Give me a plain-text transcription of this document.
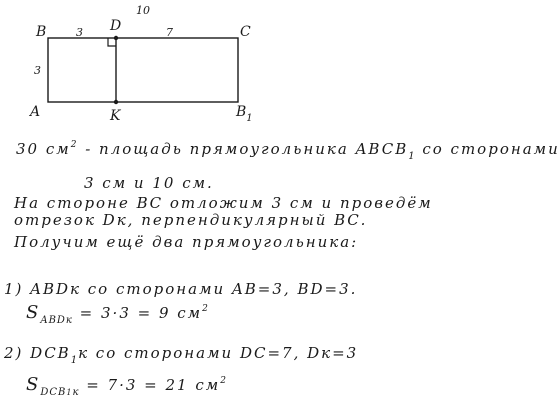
B	D	C
A	K	$B_1$
10
3	7
3
30 $см^2$ - площадь прямоугольника $ABCB_1$ со сторонами
3 см и 10 см.
На стороне ВС отложим 3 см и проведём
отрезок Dк, перпендикулярный ВС.
Получим ещё два прямоугольника:
1) ABDк со сторонами AB=3, BD=3.
$S_{ABDк} = 3\cdot 3 = 9$ $см^2$
2) $DCB_1к$ со сторонами DC=7, Dк=3
$S_{DCB1к} = 7\cdot 3 = 21$ $см^2$
